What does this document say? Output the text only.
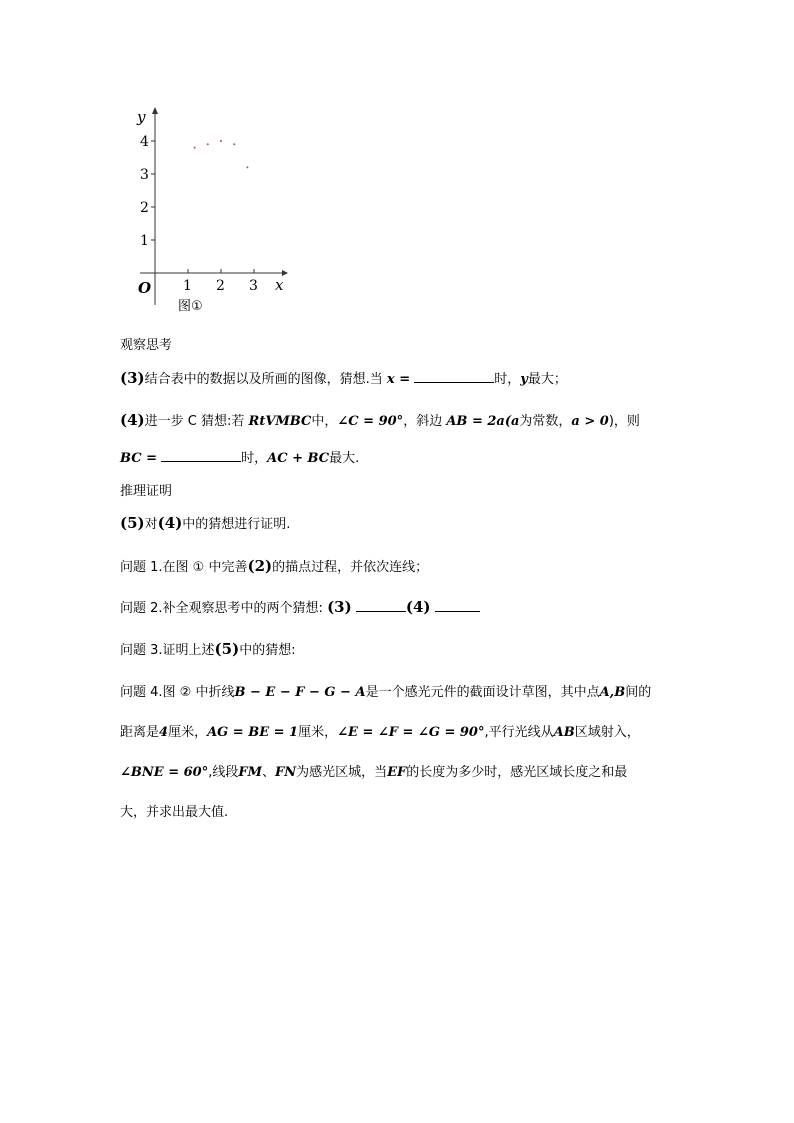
y
x
O 1 2 3
1
2
3
4
图①
观察思考
(3)结合表中的数据以及所画的图像，猜想.当 x =	时，y最大；
(4)进一步 C 猜想:若 RtVMBC中，∠C = 90°，斜边 AB = 2a(a为常数，a > 0)，则
BC =	时，AC + BC最大.
推理证明
(5)对(4)中的猜想进行证明.
问题 1.在图 ① 中完善(2)的描点过程，并依次连线；
问题 2.补全观察思考中的两个猜想: (3)	(4)
问题 3.证明上述(5)中的猜想:
问题 4.图 ② 中折线B − E − F − G − A是一个感光元件的截面设计草图，其中点A,B间的
距离是4厘米，AG = BE = 1厘米，∠E = ∠F = ∠G = 90°,平行光线从AB区域射入，
∠BNE = 60°,线段FM、FN为感光区城，当EF的长度为多少时，感光区域长度之和最
大，并求出最大值.
